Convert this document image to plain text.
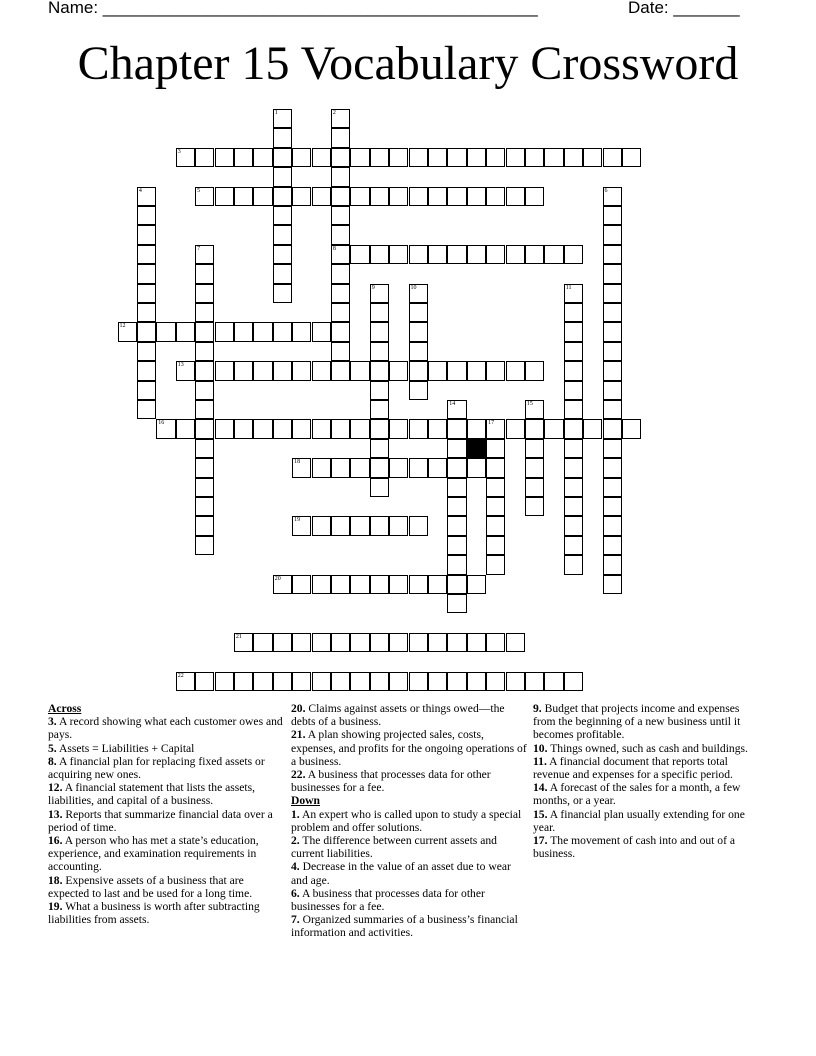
Name: ______________________________________________	Date: _______
Chapter 15 Vocabulary Crossword
1	2
8
3
4	5	6
7
9	10	11
12
13
14	15
16	17
18
19
20
21
22
Across
3. A record showing what each customer owes and pays.
5. Assets = Liabilities + Capital
8. A financial plan for replacing fixed assets or acquiring new ones.
12. A financial statement that lists the assets, liabilities, and capital of a business.
13. Reports that summarize financial data over a period of time.
16. A person who has met a state’s education, experience, and examination requirements in accounting.
18. Expensive assets of a business that are expected to last and be used for a long time.
19. What a business is worth after subtracting liabilities from assets.
20. Claims against assets or things owed—the debts of a business.
21. A plan showing projected sales, costs, expenses, and profits for the ongoing operations of a business.
22. A business that processes data for other businesses for a fee.
Down
1. An expert who is called upon to study a special problem and offer solutions.
2. The difference between current assets and current liabilities.
4. Decrease in the value of an asset due to wear and age.
6. A business that processes data for other businesses for a fee.
7. Organized summaries of a business’s financial information and activities.
9. Budget that projects income and expenses from the beginning of a new business until it becomes profitable.
10. Things owned, such as cash and buildings.
11. A financial document that reports total revenue and expenses for a specific period.
14. A forecast of the sales for a month, a few months, or a year.
15. A financial plan usually extending for one year.
17. The movement of cash into and out of a business.
